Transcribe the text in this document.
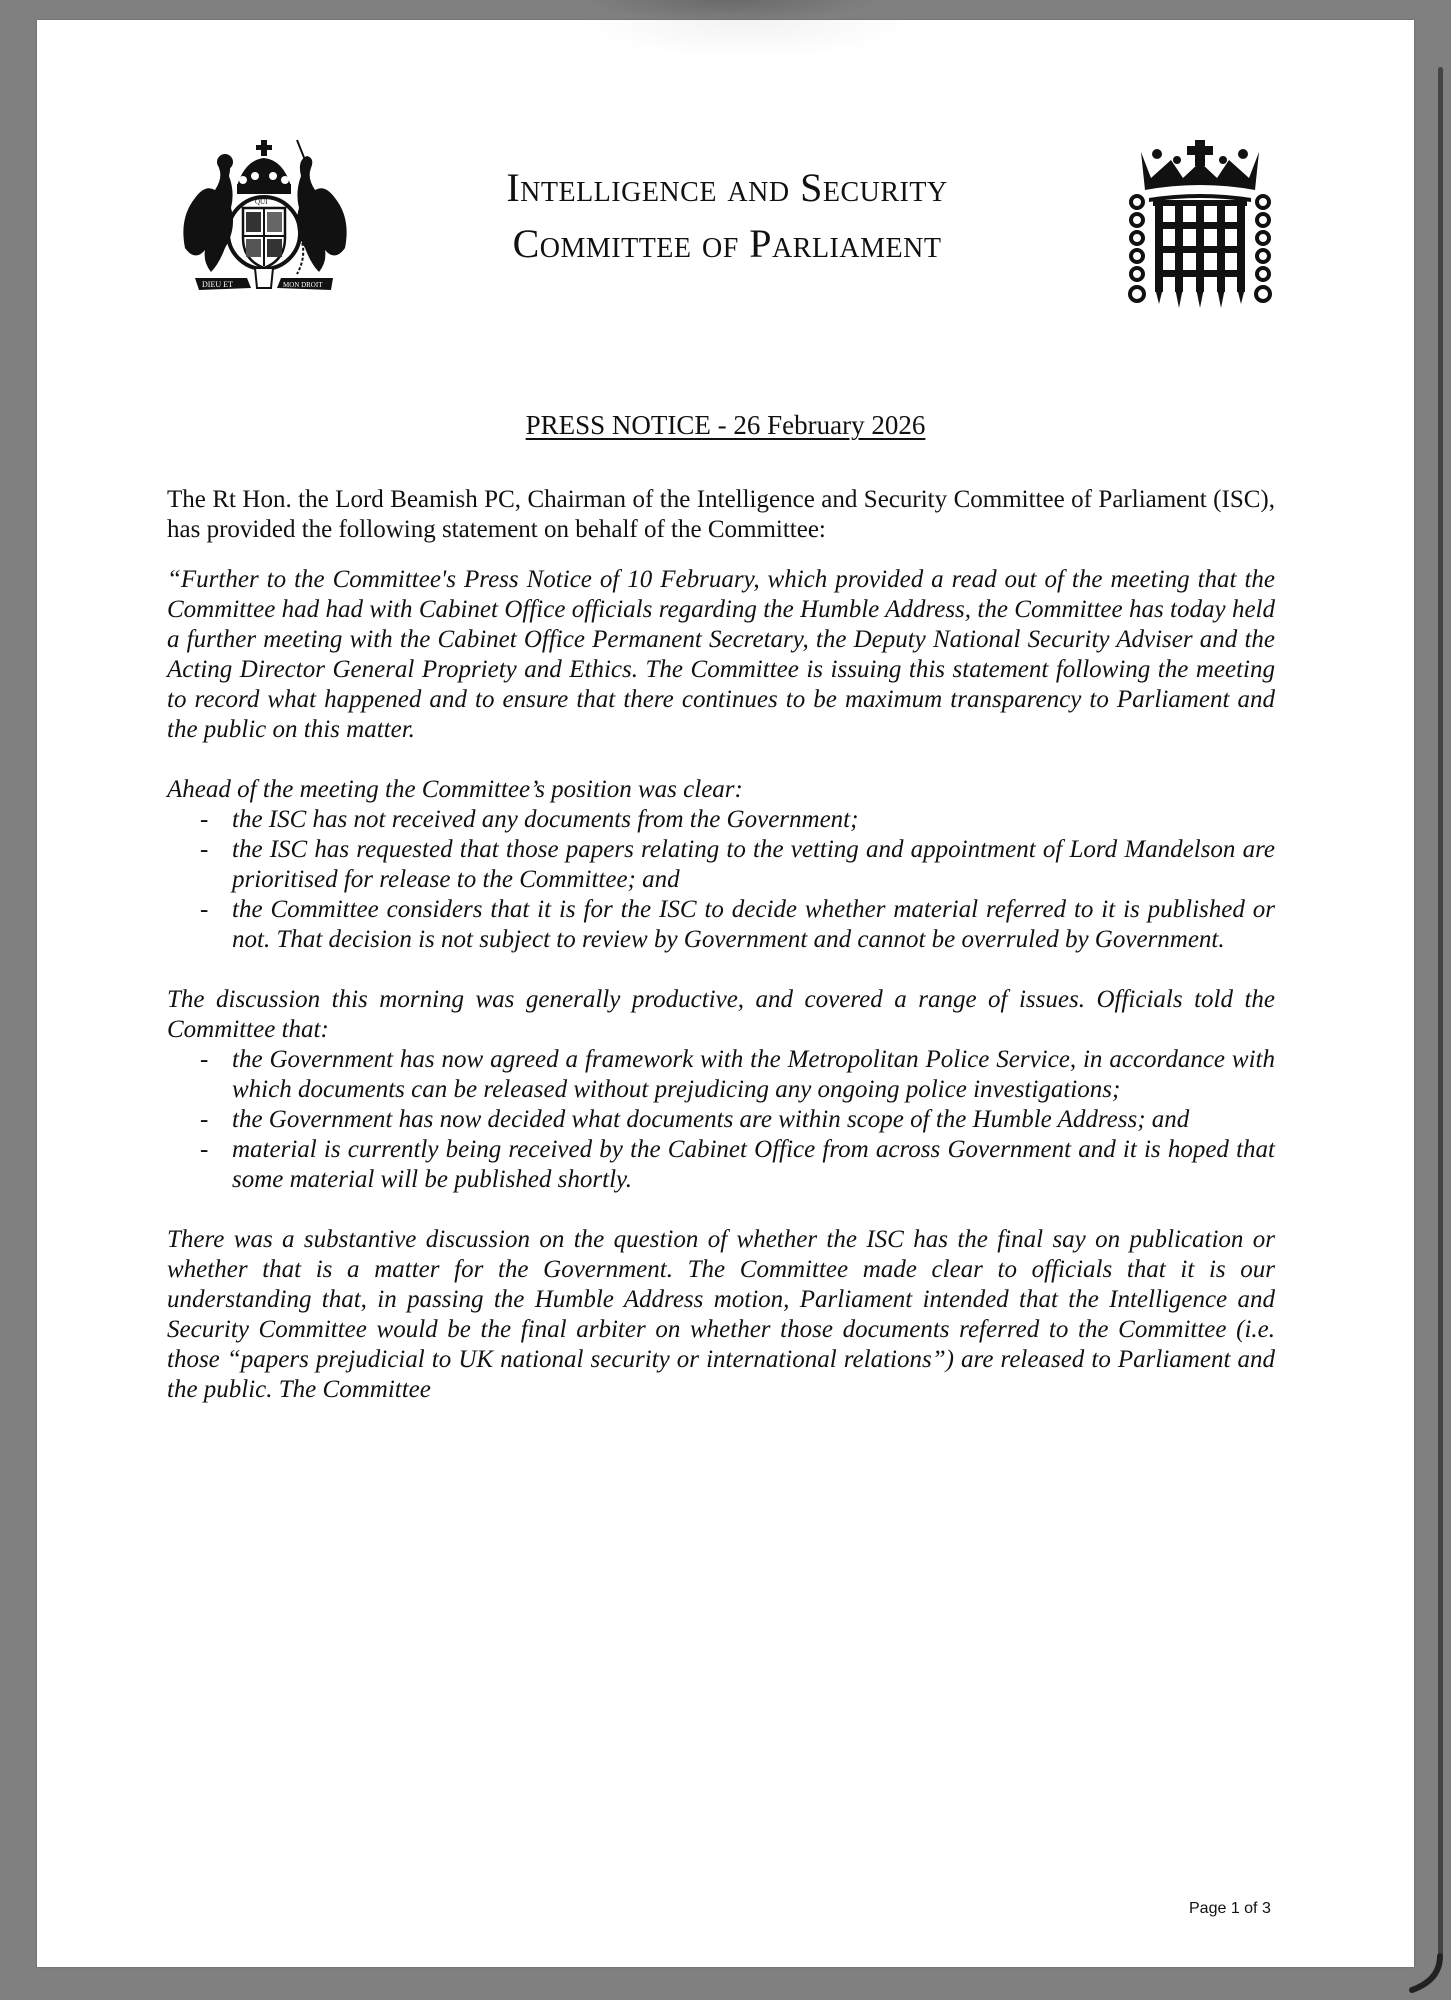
QUI
DIEU ET	MON DROIT
Intelligence and Security
Committee of Parliament
PRESS NOTICE - 26 February 2026

The Rt Hon. the Lord Beamish PC, Chairman of the Intelligence and Security Committee of Parliament (ISC), has provided the following statement on behalf of the Committee:

“Further to the Committee's Press Notice of 10 February, which provided a read out of the meeting that the Committee had had with Cabinet Office officials regarding the Humble Address, the Committee has today held a further meeting with the Cabinet Office Permanent Secretary, the Deputy National Security Adviser and the Acting Director General Propriety and Ethics. The Committee is issuing this statement following the meeting to record what happened and to ensure that there continues to be maximum transparency to Parliament and the public on this matter.

Ahead of the meeting the Committee’s position was clear:

- the ISC has not received any documents from the Government;
- the ISC has requested that those papers relating to the vetting and appointment of Lord Mandelson are prioritised for release to the Committee; and
- the Committee considers that it is for the ISC to decide whether material referred to it is published or not. That decision is not subject to review by Government and cannot be overruled by Government.

The discussion this morning was generally productive, and covered a range of issues. Officials told the Committee that:

- the Government has now agreed a framework with the Metropolitan Police Service, in accordance with which documents can be released without prejudicing any ongoing police investigations;
- the Government has now decided what documents are within scope of the Humble Address; and
- material is currently being received by the Cabinet Office from across Government and it is hoped that some material will be published shortly.

There was a substantive discussion on the question of whether the ISC has the final say on publication or whether that is a matter for the Government. The Committee made clear to officials that it is our understanding that, in passing the Humble Address motion, Parliament intended that the Intelligence and Security Committee would be the final arbiter on whether those documents referred to the Committee (i.e. those “papers prejudicial to UK national security or international relations”) are released to Parliament and the public. The Committee

Page 1 of 3
